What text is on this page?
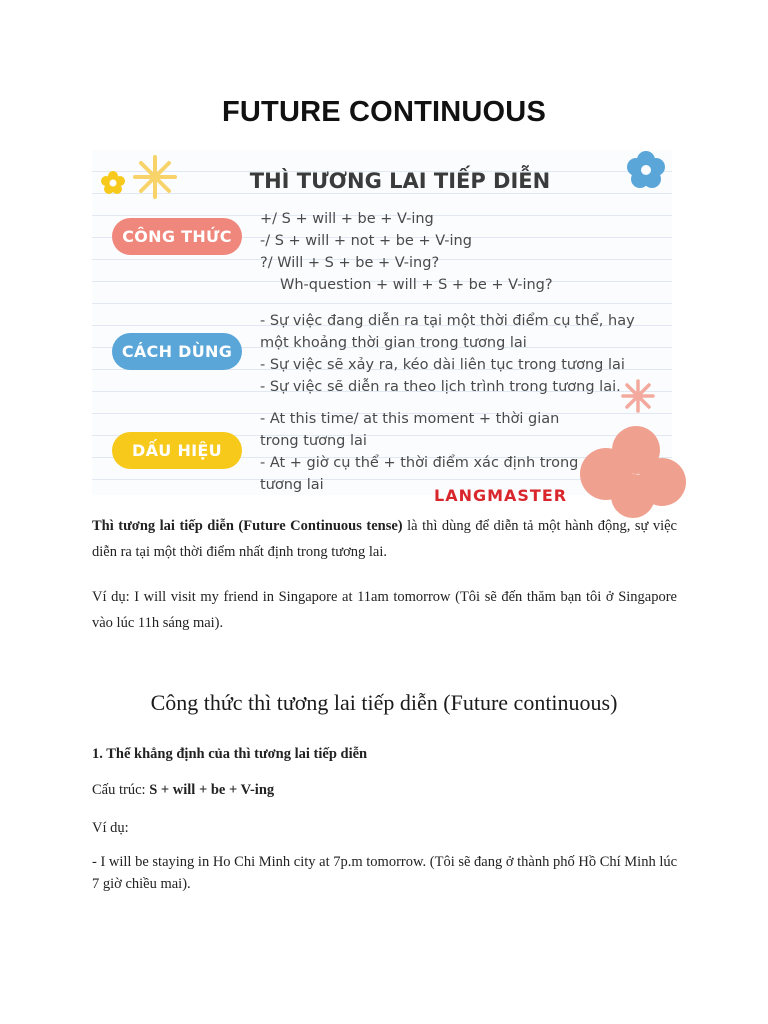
FUTURE CONTINUOUS
THÌ TƯƠNG LAI TIẾP DIỄN
CÔNG THỨC
+/ S + will + be + V-ing
-/ S + will + not + be + V-ing
?/ Will + S + be + V-ing?
Wh-question + will + S + be + V-ing?
CÁCH DÙNG
- Sự việc đang diễn ra tại một thời điểm cụ thể, hay
một khoảng thời gian trong tương lai
- Sự việc sẽ xảy ra, kéo dài liên tục trong tương lai
- Sự việc sẽ diễn ra theo lịch trình trong tương lai.
DẤU HIỆU
- At this time/ at this moment + thời gian
trong tương lai
- At + giờ cụ thể + thời điểm xác định trong
tương lai
LANGMASTER
Thì tương lai tiếp diễn (Future Continuous tense) là thì dùng để diễn tả một hành động, sự việc diễn ra tại một thời điểm nhất định trong tương lai.
Ví dụ: I will visit my friend in Singapore at 11am tomorrow (Tôi sẽ đến thăm bạn tôi ở Singapore vào lúc 11h sáng mai).
Công thức thì tương lai tiếp diễn (Future continuous)
1. Thể khẳng định của thì tương lai tiếp diễn
Cấu trúc: S + will + be + V-ing
Ví dụ:
- I will be staying in Ho Chi Minh city at 7p.m tomorrow. (Tôi sẽ đang ở thành phố Hồ Chí Minh lúc 7 giờ chiều mai).
